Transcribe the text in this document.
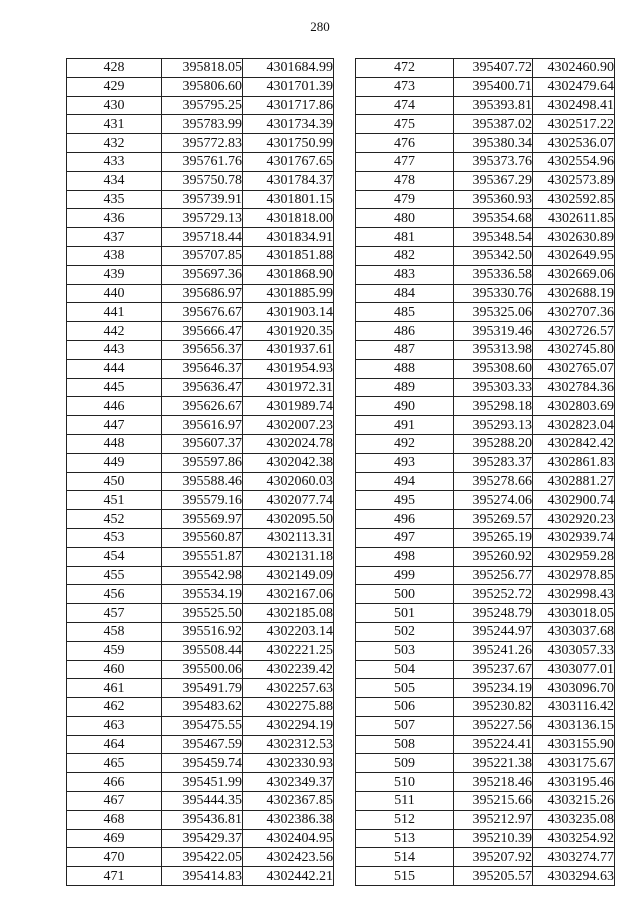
280
428	395818.05	4301684.99
429	395806.60	4301701.39
430	395795.25	4301717.86
431	395783.99	4301734.39
432	395772.83	4301750.99
433	395761.76	4301767.65
434	395750.78	4301784.37
435	395739.91	4301801.15
436	395729.13	4301818.00
437	395718.44	4301834.91
438	395707.85	4301851.88
439	395697.36	4301868.90
440	395686.97	4301885.99
441	395676.67	4301903.14
442	395666.47	4301920.35
443	395656.37	4301937.61
444	395646.37	4301954.93
445	395636.47	4301972.31
446	395626.67	4301989.74
447	395616.97	4302007.23
448	395607.37	4302024.78
449	395597.86	4302042.38
450	395588.46	4302060.03
451	395579.16	4302077.74
452	395569.97	4302095.50
453	395560.87	4302113.31
454	395551.87	4302131.18
455	395542.98	4302149.09
456	395534.19	4302167.06
457	395525.50	4302185.08
458	395516.92	4302203.14
459	395508.44	4302221.25
460	395500.06	4302239.42
461	395491.79	4302257.63
462	395483.62	4302275.88
463	395475.55	4302294.19
464	395467.59	4302312.53
465	395459.74	4302330.93
466	395451.99	4302349.37
467	395444.35	4302367.85
468	395436.81	4302386.38
469	395429.37	4302404.95
470	395422.05	4302423.56
471	395414.83	4302442.21
472	395407.72	4302460.90
473	395400.71	4302479.64
474	395393.81	4302498.41
475	395387.02	4302517.22
476	395380.34	4302536.07
477	395373.76	4302554.96
478	395367.29	4302573.89
479	395360.93	4302592.85
480	395354.68	4302611.85
481	395348.54	4302630.89
482	395342.50	4302649.95
483	395336.58	4302669.06
484	395330.76	4302688.19
485	395325.06	4302707.36
486	395319.46	4302726.57
487	395313.98	4302745.80
488	395308.60	4302765.07
489	395303.33	4302784.36
490	395298.18	4302803.69
491	395293.13	4302823.04
492	395288.20	4302842.42
493	395283.37	4302861.83
494	395278.66	4302881.27
495	395274.06	4302900.74
496	395269.57	4302920.23
497	395265.19	4302939.74
498	395260.92	4302959.28
499	395256.77	4302978.85
500	395252.72	4302998.43
501	395248.79	4303018.05
502	395244.97	4303037.68
503	395241.26	4303057.33
504	395237.67	4303077.01
505	395234.19	4303096.70
506	395230.82	4303116.42
507	395227.56	4303136.15
508	395224.41	4303155.90
509	395221.38	4303175.67
510	395218.46	4303195.46
511	395215.66	4303215.26
512	395212.97	4303235.08
513	395210.39	4303254.92
514	395207.92	4303274.77
515	395205.57	4303294.63
